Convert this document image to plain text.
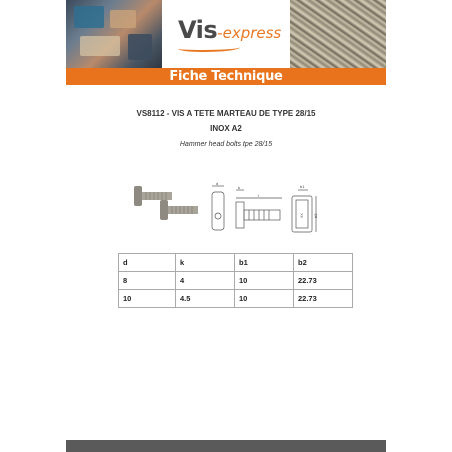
Vis-express
Fiche Technique
VS8112 - VIS A TETE MARTEAU DE TYPE 28/15
INOX A2
Hammer head bolts tpe 28/15
d
k
l
b1
b2
XX
d	k	b1	b2
8	4	10	22.73
10	4.5	10	22.73
